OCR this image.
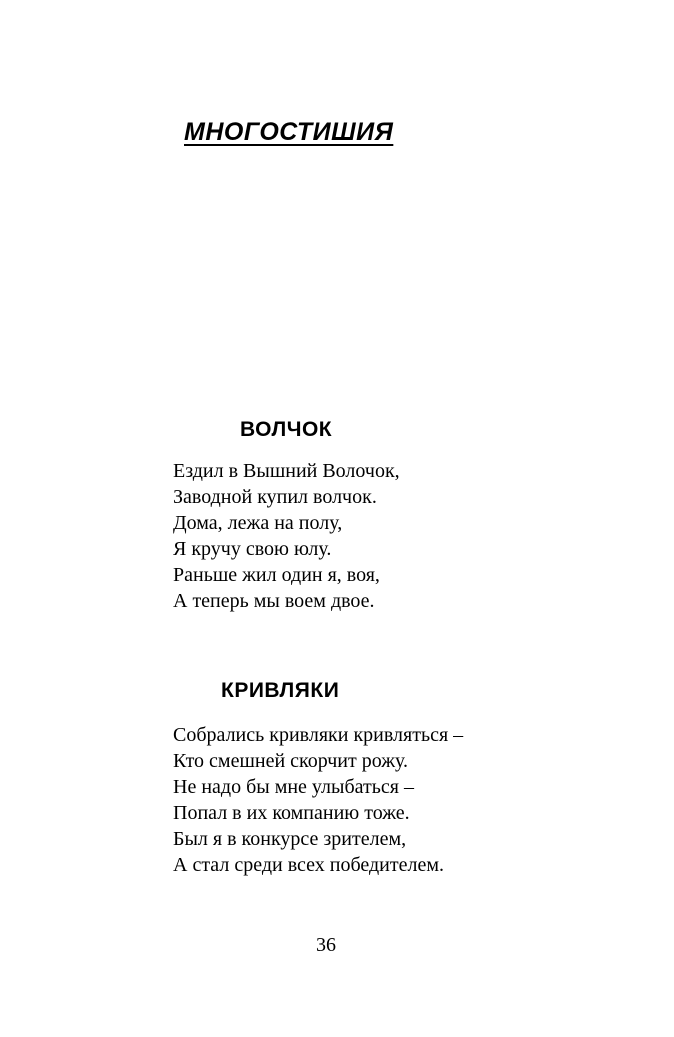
МНОГОСТИШИЯ
ВОЛЧОК
Ездил в Вышний Волочок,
Заводной купил волчок.
Дома, лежа на полу,
Я кручу свою юлу.
Раньше жил один я, воя,
А теперь мы воем двое.
КРИВЛЯКИ
Собрались кривляки кривляться –
Кто смешней скорчит рожу.
Не надо бы мне улыбаться –
Попал в их компанию тоже.
Был я в конкурсе зрителем,
А стал среди всех победителем.
36
